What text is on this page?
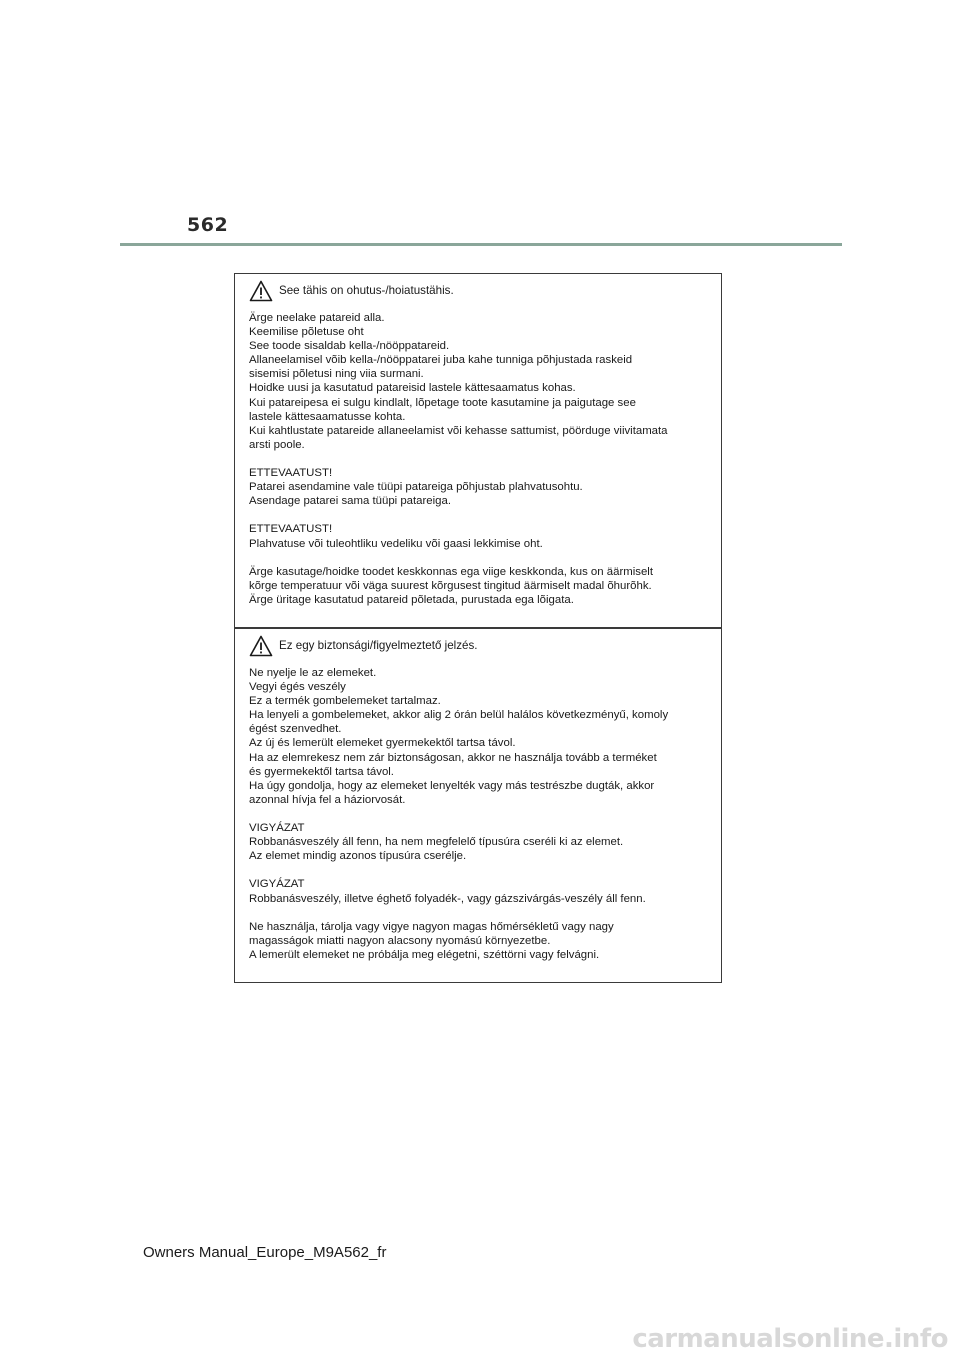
562
See tähis on ohutus-/hoiatustähis.
Ärge neelake patareid alla.
Keemilise põletuse oht
See toode sisaldab kella-/nööppatareid.
Allaneelamisel võib kella-/nööppatarei juba kahe tunniga põhjustada raskeid
sisemisi põletusi ning viia surmani.
Hoidke uusi ja kasutatud patareisid lastele kättesaamatus kohas.
Kui patareipesa ei sulgu kindlalt, lõpetage toote kasutamine ja paigutage see
lastele kättesaamatusse kohta.
Kui kahtlustate patareide allaneelamist või kehasse sattumist, pöörduge viivitamata
arsti poole.
ETTEVAATUST!
Patarei asendamine vale tüüpi patareiga põhjustab plahvatusohtu.
Asendage patarei sama tüüpi patareiga.
ETTEVAATUST!
Plahvatuse või tuleohtliku vedeliku või gaasi lekkimise oht.
Ärge kasutage/hoidke toodet keskkonnas ega viige keskkonda, kus on äärmiselt
kõrge temperatuur või väga suurest kõrgusest tingitud äärmiselt madal õhurõhk.
Ärge üritage kasutatud patareid põletada, purustada ega lõigata.
Ez egy biztonsági/figyelmeztető jelzés.
Ne nyelje le az elemeket.
Vegyi égés veszély
Ez a termék gombelemeket tartalmaz.
Ha lenyeli a gombelemeket, akkor alig 2 órán belül halálos következményű, komoly
égést szenvedhet.
Az új és lemerült elemeket gyermekektől tartsa távol.
Ha az elemrekesz nem zár biztonságosan, akkor ne használja tovább a terméket
és gyermekektől tartsa távol.
Ha úgy gondolja, hogy az elemeket lenyelték vagy más testrészbe dugták, akkor
azonnal hívja fel a háziorvosát.
VIGYÁZAT
Robbanásveszély áll fenn, ha nem megfelelő típusúra cseréli ki az elemet.
Az elemet mindig azonos típusúra cserélje.
VIGYÁZAT
Robbanásveszély, illetve éghető folyadék-, vagy gázszivárgás-veszély áll fenn.
Ne használja, tárolja vagy vigye nagyon magas hőmérsékletű vagy nagy
magasságok miatti nagyon alacsony nyomású környezetbe.
A lemerült elemeket ne próbálja meg elégetni, széttörni vagy felvágni.
Owners Manual_Europe_M9A562_fr
carmanualsonline.info
